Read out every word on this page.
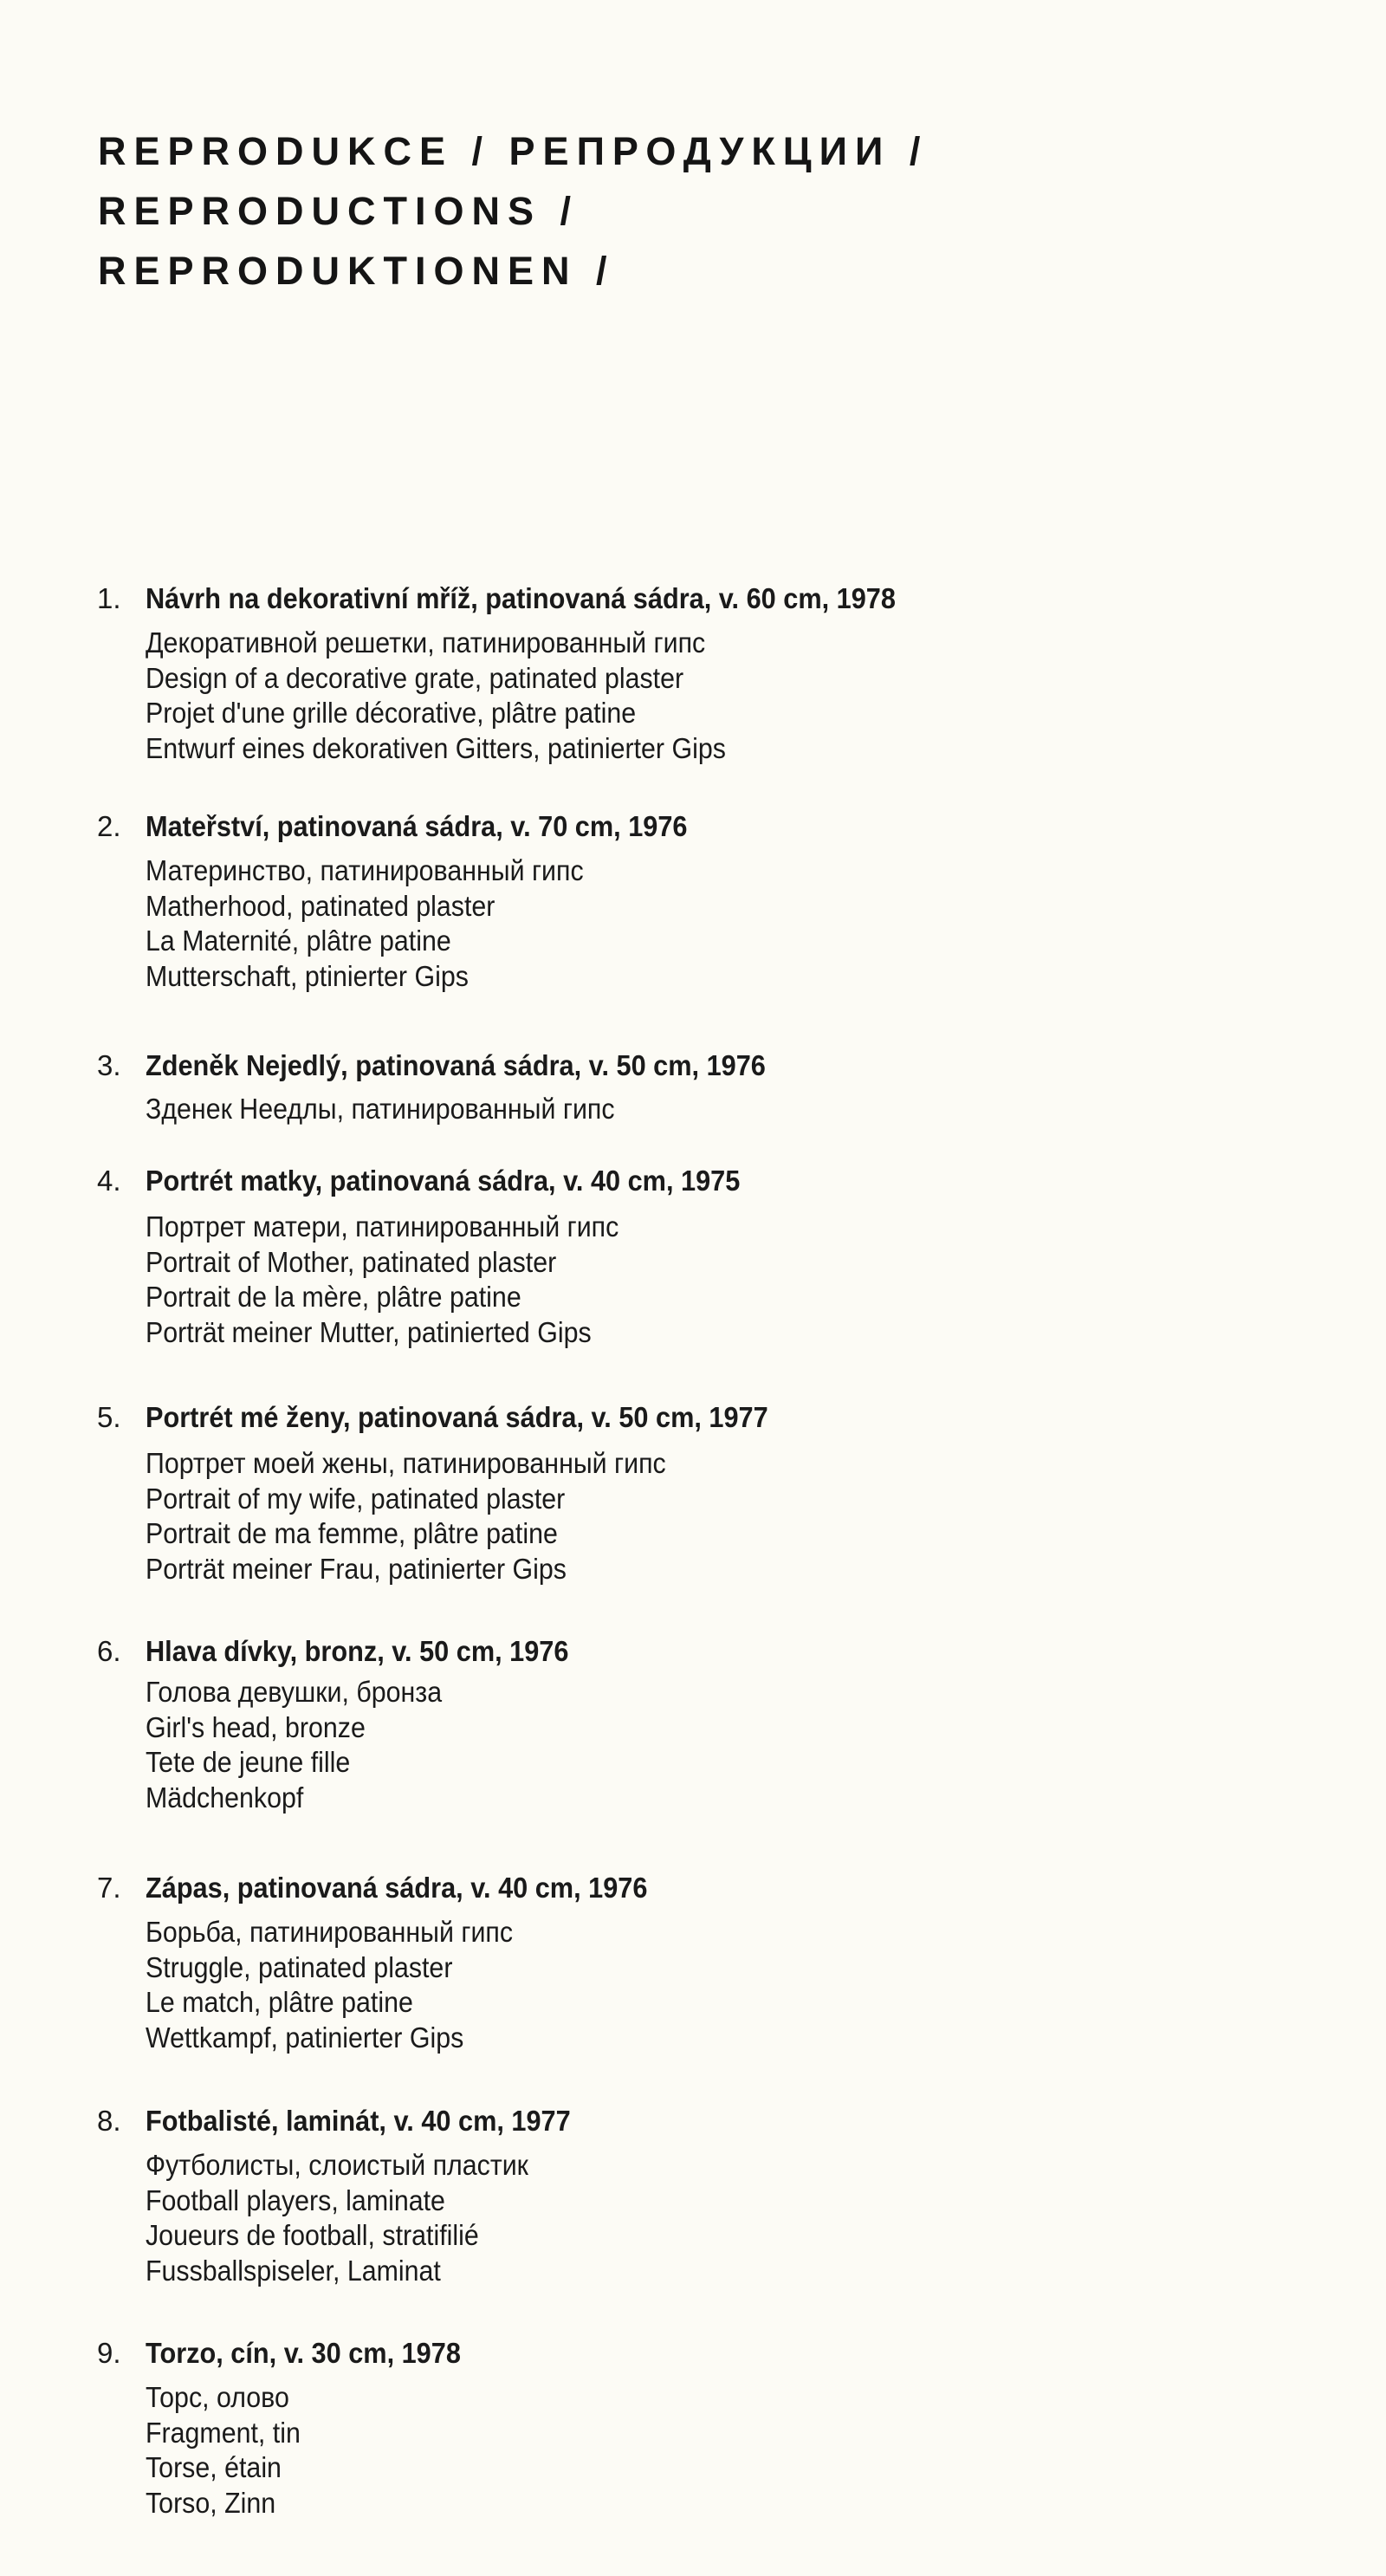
REPRODUKCE / РЕПРОДУКЦИИ /
REPRODUCTIONS /
REPRODUKTIONEN /
1. Návrh na dekorativní mříž, patinovaná sádra, v. 60 cm, 1978
Декоративной решетки, патинированный гипс
Design of a decorative grate, patinated plaster
Projet d'une grille décorative, plâtre patine
Entwurf eines dekorativen Gitters, patinierter Gips
2. Mateřství, patinovaná sádra, v. 70 cm, 1976
Материнство, патинированный гипс
Matherhood, patinated plaster
La Maternité, plâtre patine
Mutterschaft, ptinierter Gips
3. Zdeněk Nejedlý, patinovaná sádra, v. 50 cm, 1976
Зденек Неедлы, патинированный гипс
4. Portrét matky, patinovaná sádra, v. 40 cm, 1975
Портрет матери, патинированный гипс
Portrait of Mother, patinated plaster
Portrait de la mère, plâtre patine
Porträt meiner Mutter, patinierted Gips
5. Portrét mé ženy, patinovaná sádra, v. 50 cm, 1977
Портрет моей жены, патинированный гипс
Portrait of my wife, patinated plaster
Portrait de ma femme, plâtre patine
Porträt meiner Frau, patinierter Gips
6. Hlava dívky, bronz, v. 50 cm, 1976
Голова девушки, бронза
Girl's head, bronze
Tete de jeune fille
Mädchenkopf
7. Zápas, patinovaná sádra, v. 40 cm, 1976
Борьба, патинированный гипс
Struggle, patinated plaster
Le match, plâtre patine
Wettkampf, patinierter Gips
8. Fotbalisté, laminát, v. 40 cm, 1977
Футболисты, слоистый пластик
Football players, laminate
Joueurs de football, stratifilié
Fussballspiseler, Laminat
9. Torzo, cín, v. 30 cm, 1978
Торс, олово
Fragment, tin
Torse, étain
Torso, Zinn
